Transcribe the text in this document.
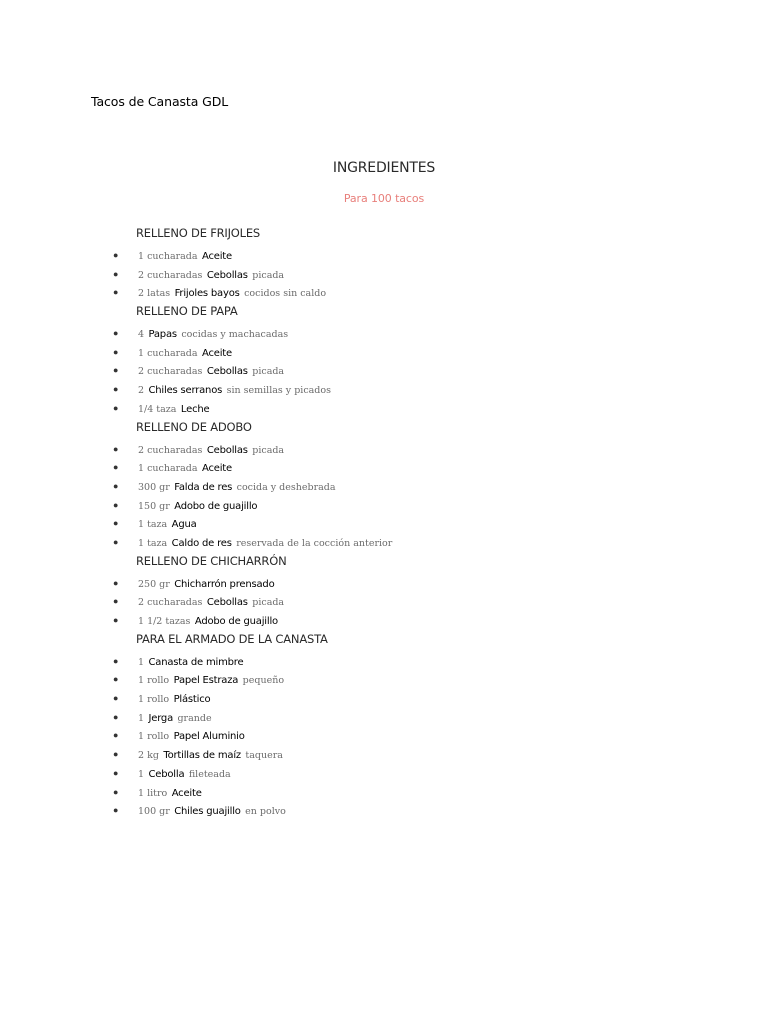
Tacos de Canasta GDL
INGREDIENTES
Para 100 tacos
RELLENO DE FRIJOLES
● 1 cucharada Aceite
● 2 cucharadas Cebollas picada
● 2 latas Frijoles bayos cocidos sin caldo
RELLENO DE PAPA
● 4 Papas cocidas y machacadas
● 1 cucharada Aceite
● 2 cucharadas Cebollas picada
● 2 Chiles serranos sin semillas y picados
● 1/4 taza Leche
RELLENO DE ADOBO
● 2 cucharadas Cebollas picada
● 1 cucharada Aceite
● 300 gr Falda de res cocida y deshebrada
● 150 gr Adobo de guajillo
● 1 taza Agua
● 1 taza Caldo de res reservada de la cocción anterior
RELLENO DE CHICHARRÓN
● 250 gr Chicharrón prensado
● 2 cucharadas Cebollas picada
● 1 1/2 tazas Adobo de guajillo
PARA EL ARMADO DE LA CANASTA
● 1 Canasta de mimbre
● 1 rollo Papel Estraza pequeño
● 1 rollo Plástico
● 1 Jerga grande
● 1 rollo Papel Aluminio
● 2 kg Tortillas de maíz taquera
● 1 Cebolla fileteada
● 1 litro Aceite
● 100 gr Chiles guajillo en polvo
